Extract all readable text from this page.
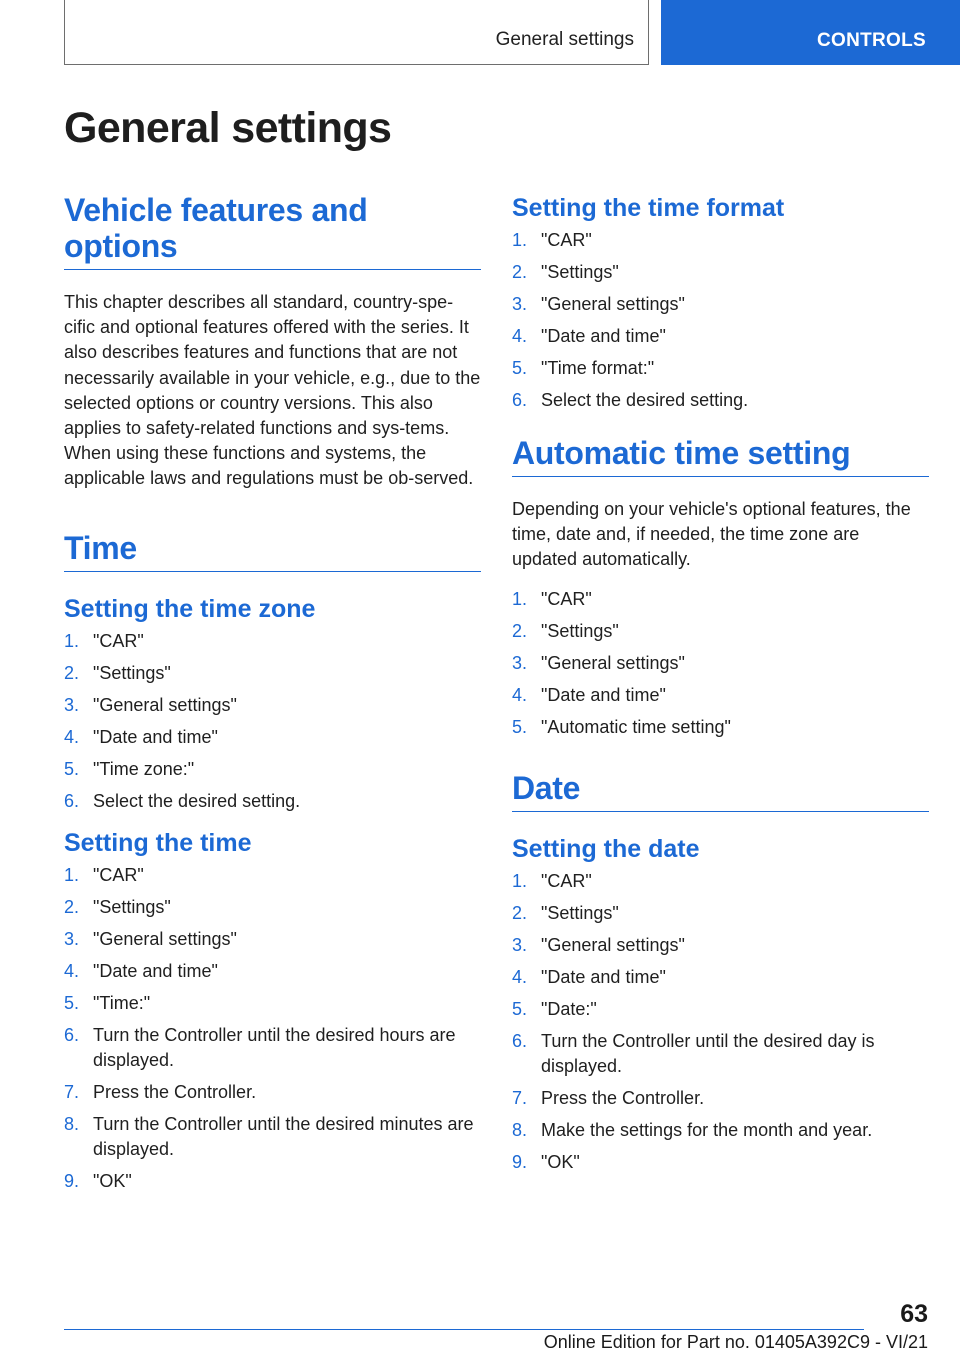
General settings	CONTROLS
General settings
Vehicle features and options

This chapter describes all standard, country-spe-cific and optional features offered with the series. It also describes features and functions that are not necessarily available in your vehicle, e.g., due to the selected options or country versions. This also applies to safety-related functions and sys-tems. When using these functions and systems, the applicable laws and regulations must be ob-served.

Time
Setting the time zone
1. "CAR"
2. "Settings"
3. "General settings"
4. "Date and time"
5. "Time zone:"
6. Select the desired setting.
Setting the time
1. "CAR"
2. "Settings"
3. "General settings"
4. "Date and time"
5. "Time:"
6. Turn the Controller until the desired hours are displayed.
7. Press the Controller.
8. Turn the Controller until the desired minutes are displayed.
9. "OK"
Setting the time format
1. "CAR"
2. "Settings"
3. "General settings"
4. "Date and time"
5. "Time format:"
6. Select the desired setting.
Automatic time setting

Depending on your vehicle's optional features, the time, date and, if needed, the time zone are updated automatically.

1. "CAR"
2. "Settings"
3. "General settings"
4. "Date and time"
5. "Automatic time setting"
Date
Setting the date
1. "CAR"
2. "Settings"
3. "General settings"
4. "Date and time"
5. "Date:"
6. Turn the Controller until the desired day is displayed.
7. Press the Controller.
8. Make the settings for the month and year.
9. "OK"
63
Online Edition for Part no. 01405A392C9 - VI/21
